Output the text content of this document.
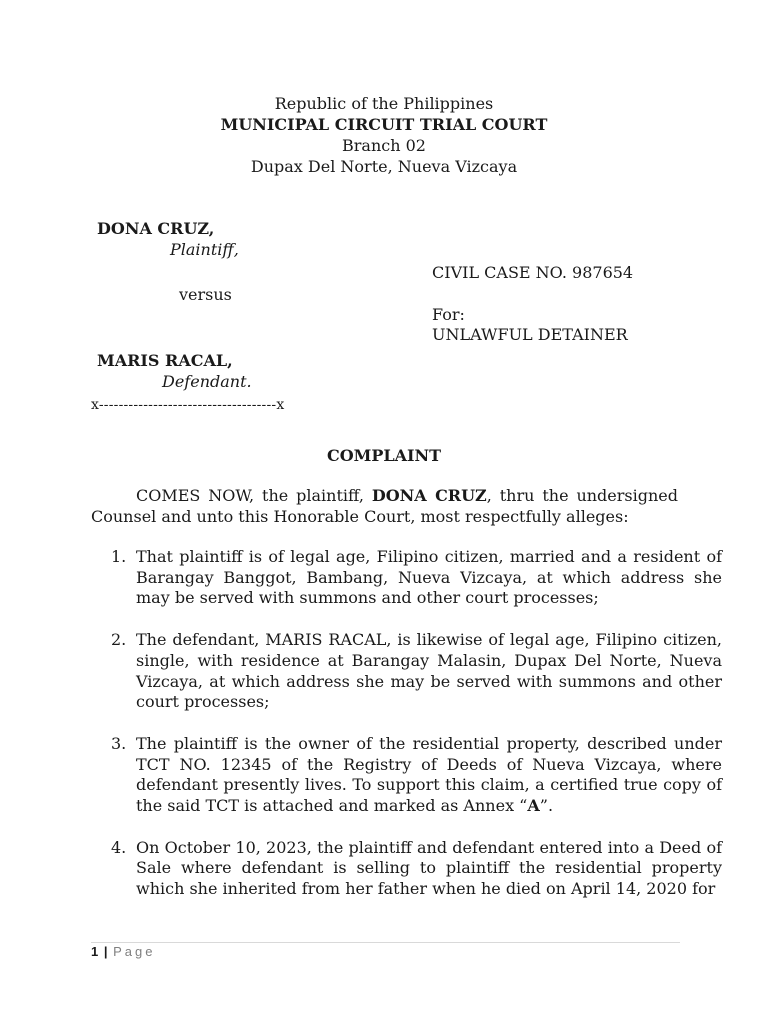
Republic of the Philippines
MUNICIPAL CIRCUIT TRIAL COURT
Branch 02
Dupax Del Norte, Nueva Vizcaya
DONA CRUZ,
Plaintiff,
versus
MARIS RACAL,
Defendant.
x------------------------------------x
CIVIL CASE NO. 987654
For:
UNLAWFUL DETAINER
COMPLAINT
COMES NOW, the plaintiff, DONA CRUZ, thru the undersigned Counsel and unto this Honorable Court, most respectfully alleges:
1. That plaintiff is of legal age, Filipino citizen, married and a resident of Barangay Banggot, Bambang, Nueva Vizcaya, at which address she may be served with summons and other court processes;
2. The defendant, MARIS RACAL, is likewise of legal age, Filipino citizen, single, with residence at Barangay Malasin, Dupax Del Norte, Nueva Vizcaya, at which address she may be served with summons and other court processes;
3. The plaintiff is the owner of the residential property, described under TCT NO. 12345 of the Registry of Deeds of Nueva Vizcaya, where defendant presently lives. To support this claim, a certified true copy of the said TCT is attached and marked as Annex “A”.
4. On October 10, 2023, the plaintiff and defendant entered into a Deed of Sale where defendant is selling to plaintiff the residential property which she inherited from her father when he died on April 14, 2020 for
1 | Page
